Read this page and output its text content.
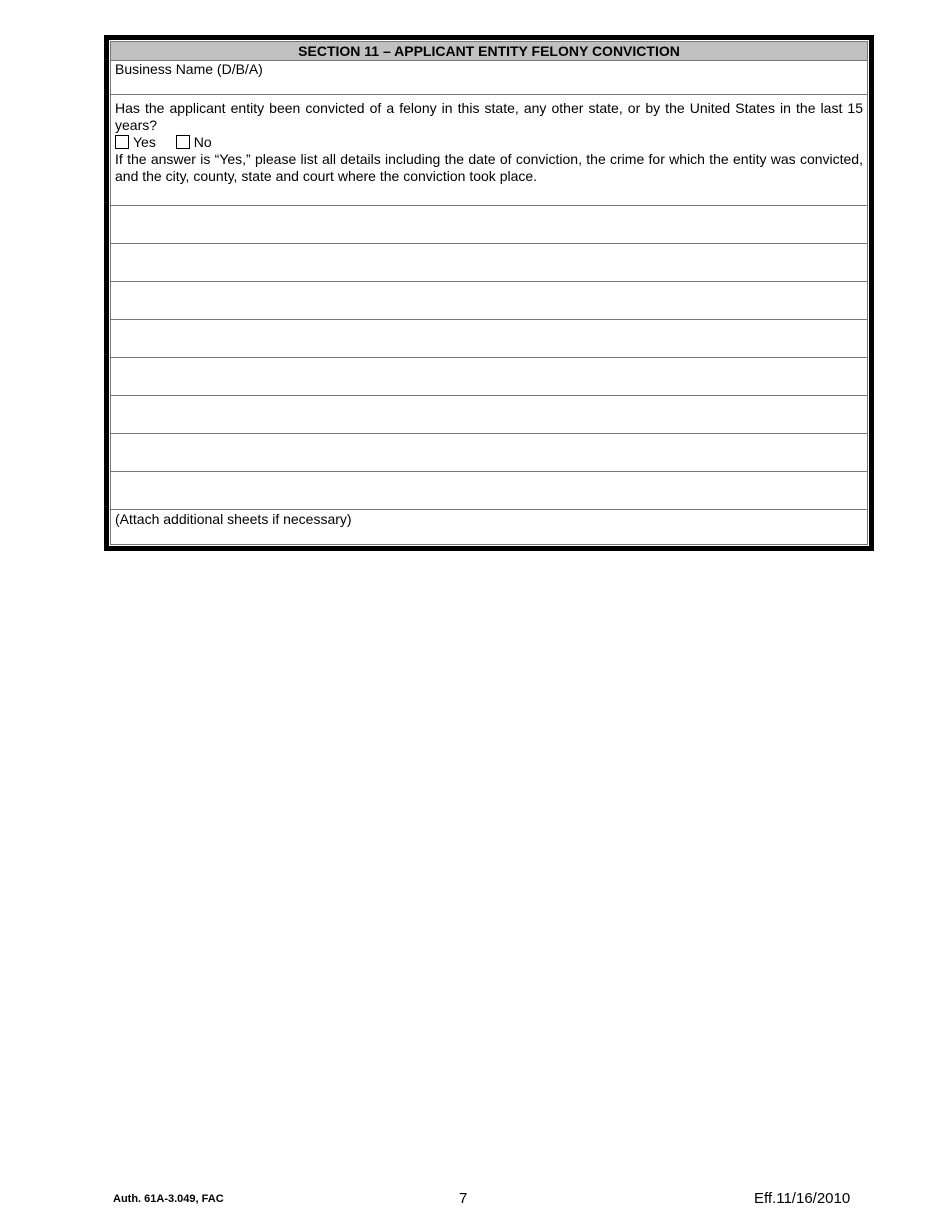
SECTION 11 – APPLICANT ENTITY FELONY CONVICTION
Business Name (D/B/A)

Has the applicant entity been convicted of a felony in this state, any other state, or by the United States in the last 15 years?

Yes	No

If the answer is “Yes,” please list all details including the date of conviction, the crime for which the entity was convicted, and the city, county, state and court where the conviction took place.

(Attach additional sheets if necessary)
Auth. 61A-3.049, FAC	7	Eff.11/16/2010
